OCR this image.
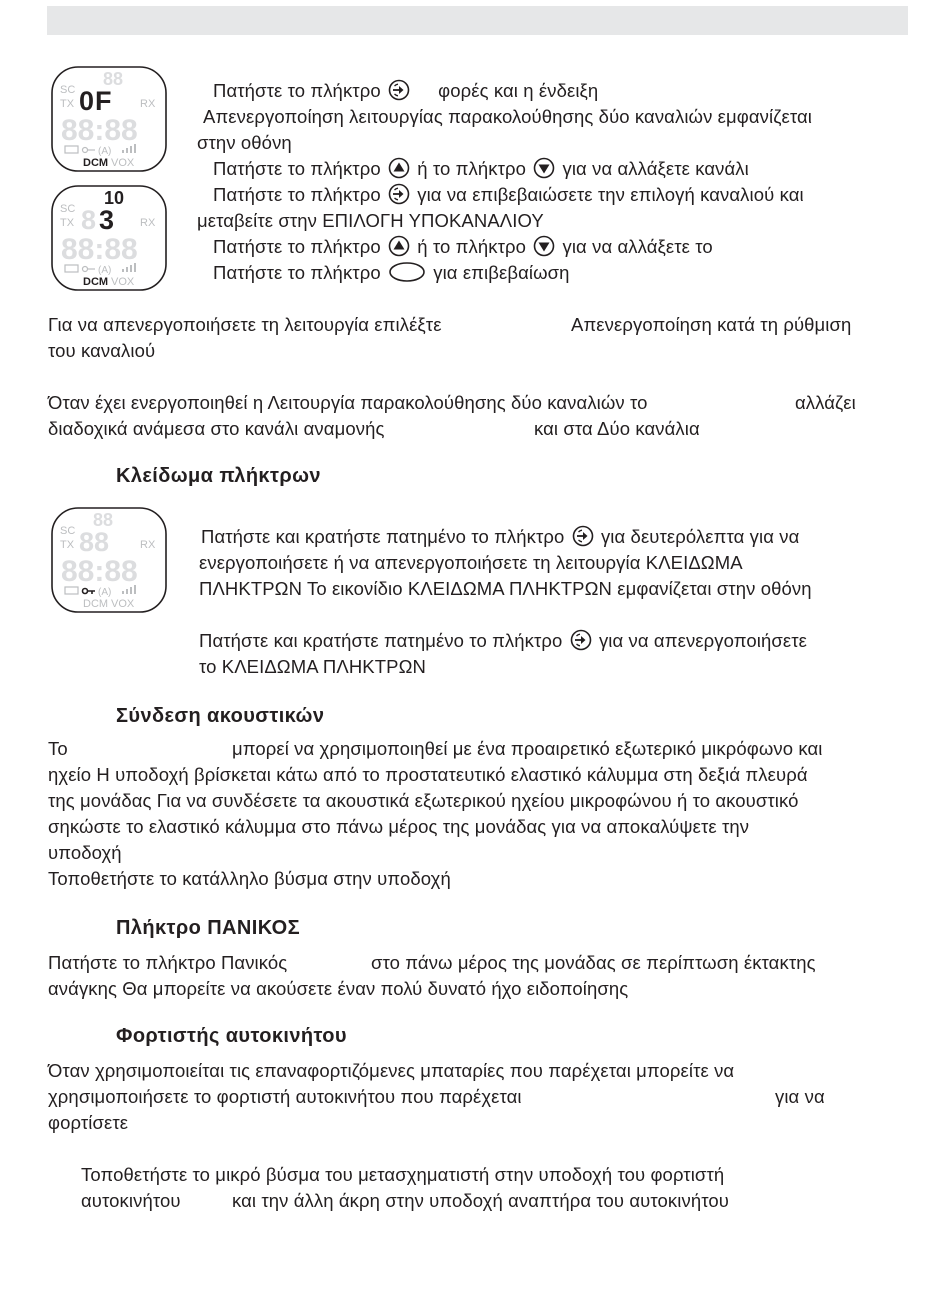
88
SC
TX	RX
0F
88:88
(A)
DCM VOX
10
SC
TX	RX
8 3
88:88
(A)
DCM VOX
88
SC
TX	RX
88
88:88
(A)
DCM VOX
Πατήστε το πλήκτρο	φορές και η ένδειξη
Απενεργοποίηση λειτουργίας παρακολούθησης δύο καναλιών εμφανίζεται
στην οθόνη
Πατήστε το πλήκτρο ή το πλήκτρο για να αλλάξετε κανάλι
Πατήστε το πλήκτρο για να επιβεβαιώσετε την επιλογή καναλιού και
μεταβείτε στην ΕΠΙΛΟΓΗ ΥΠΟΚΑΝΑΛΙΟΥ
Πατήστε το πλήκτρο ή το πλήκτρο για να αλλάξετε το
Πατήστε το πλήκτρο	για επιβεβαίωση
Για να απενεργοποιήσετε τη λειτουργία επιλέξτε	Απενεργοποίηση κατά τη ρύθμιση
του καναλιού
Όταν έχει ενεργοποιηθεί η Λειτουργία παρακολούθησης δύο καναλιών το	αλλάζει
διαδοχικά ανάμεσα στο κανάλι αναμονής	και στα Δύο κανάλια
Κλείδωμα πλήκτρων
Πατήστε και κρατήστε πατημένο το πλήκτρο για δευτερόλεπτα για να
ενεργοποιήσετε ή να απενεργοποιήσετε τη λειτουργία ΚΛΕΙΔΩΜΑ
ΠΛΗΚΤΡΩΝ Το εικονίδιο ΚΛΕΙΔΩΜΑ ΠΛΗΚΤΡΩΝ εμφανίζεται στην οθόνη
Πατήστε και κρατήστε πατημένο το πλήκτρο για να απενεργοποιήσετε
το ΚΛΕΙΔΩΜΑ ΠΛΗΚΤΡΩΝ
Σύνδεση ακουστικών
Το	μπορεί να χρησιμοποιηθεί με ένα προαιρετικό εξωτερικό μικρόφωνο και
ηχείο Η υποδοχή βρίσκεται κάτω από το προστατευτικό ελαστικό κάλυμμα στη δεξιά πλευρά
της μονάδας Για να συνδέσετε τα ακουστικά εξωτερικού ηχείου μικροφώνου ή το ακουστικό
σηκώστε το ελαστικό κάλυμμα στο πάνω μέρος της μονάδας για να αποκαλύψετε την
υποδοχή
Τοποθετήστε το κατάλληλο βύσμα στην υποδοχή
Πλήκτρο ΠΑΝΙΚΟΣ
Πατήστε το πλήκτρο Πανικός	στο πάνω μέρος της μονάδας σε περίπτωση έκτακτης
ανάγκης Θα μπορείτε να ακούσετε έναν πολύ δυνατό ήχο ειδοποίησης
Φορτιστής αυτοκινήτου
Όταν χρησιμοποιείται τις επαναφορτιζόμενες μπαταρίες που παρέχεται μπορείτε να
χρησιμοποιήσετε το φορτιστή αυτοκινήτου που παρέχεται	για να
φορτίσετε
Τοποθετήστε το μικρό βύσμα του μετασχηματιστή στην υποδοχή του φορτιστή
αυτοκινήτου	και την άλλη άκρη στην υποδοχή αναπτήρα του αυτοκινήτου
